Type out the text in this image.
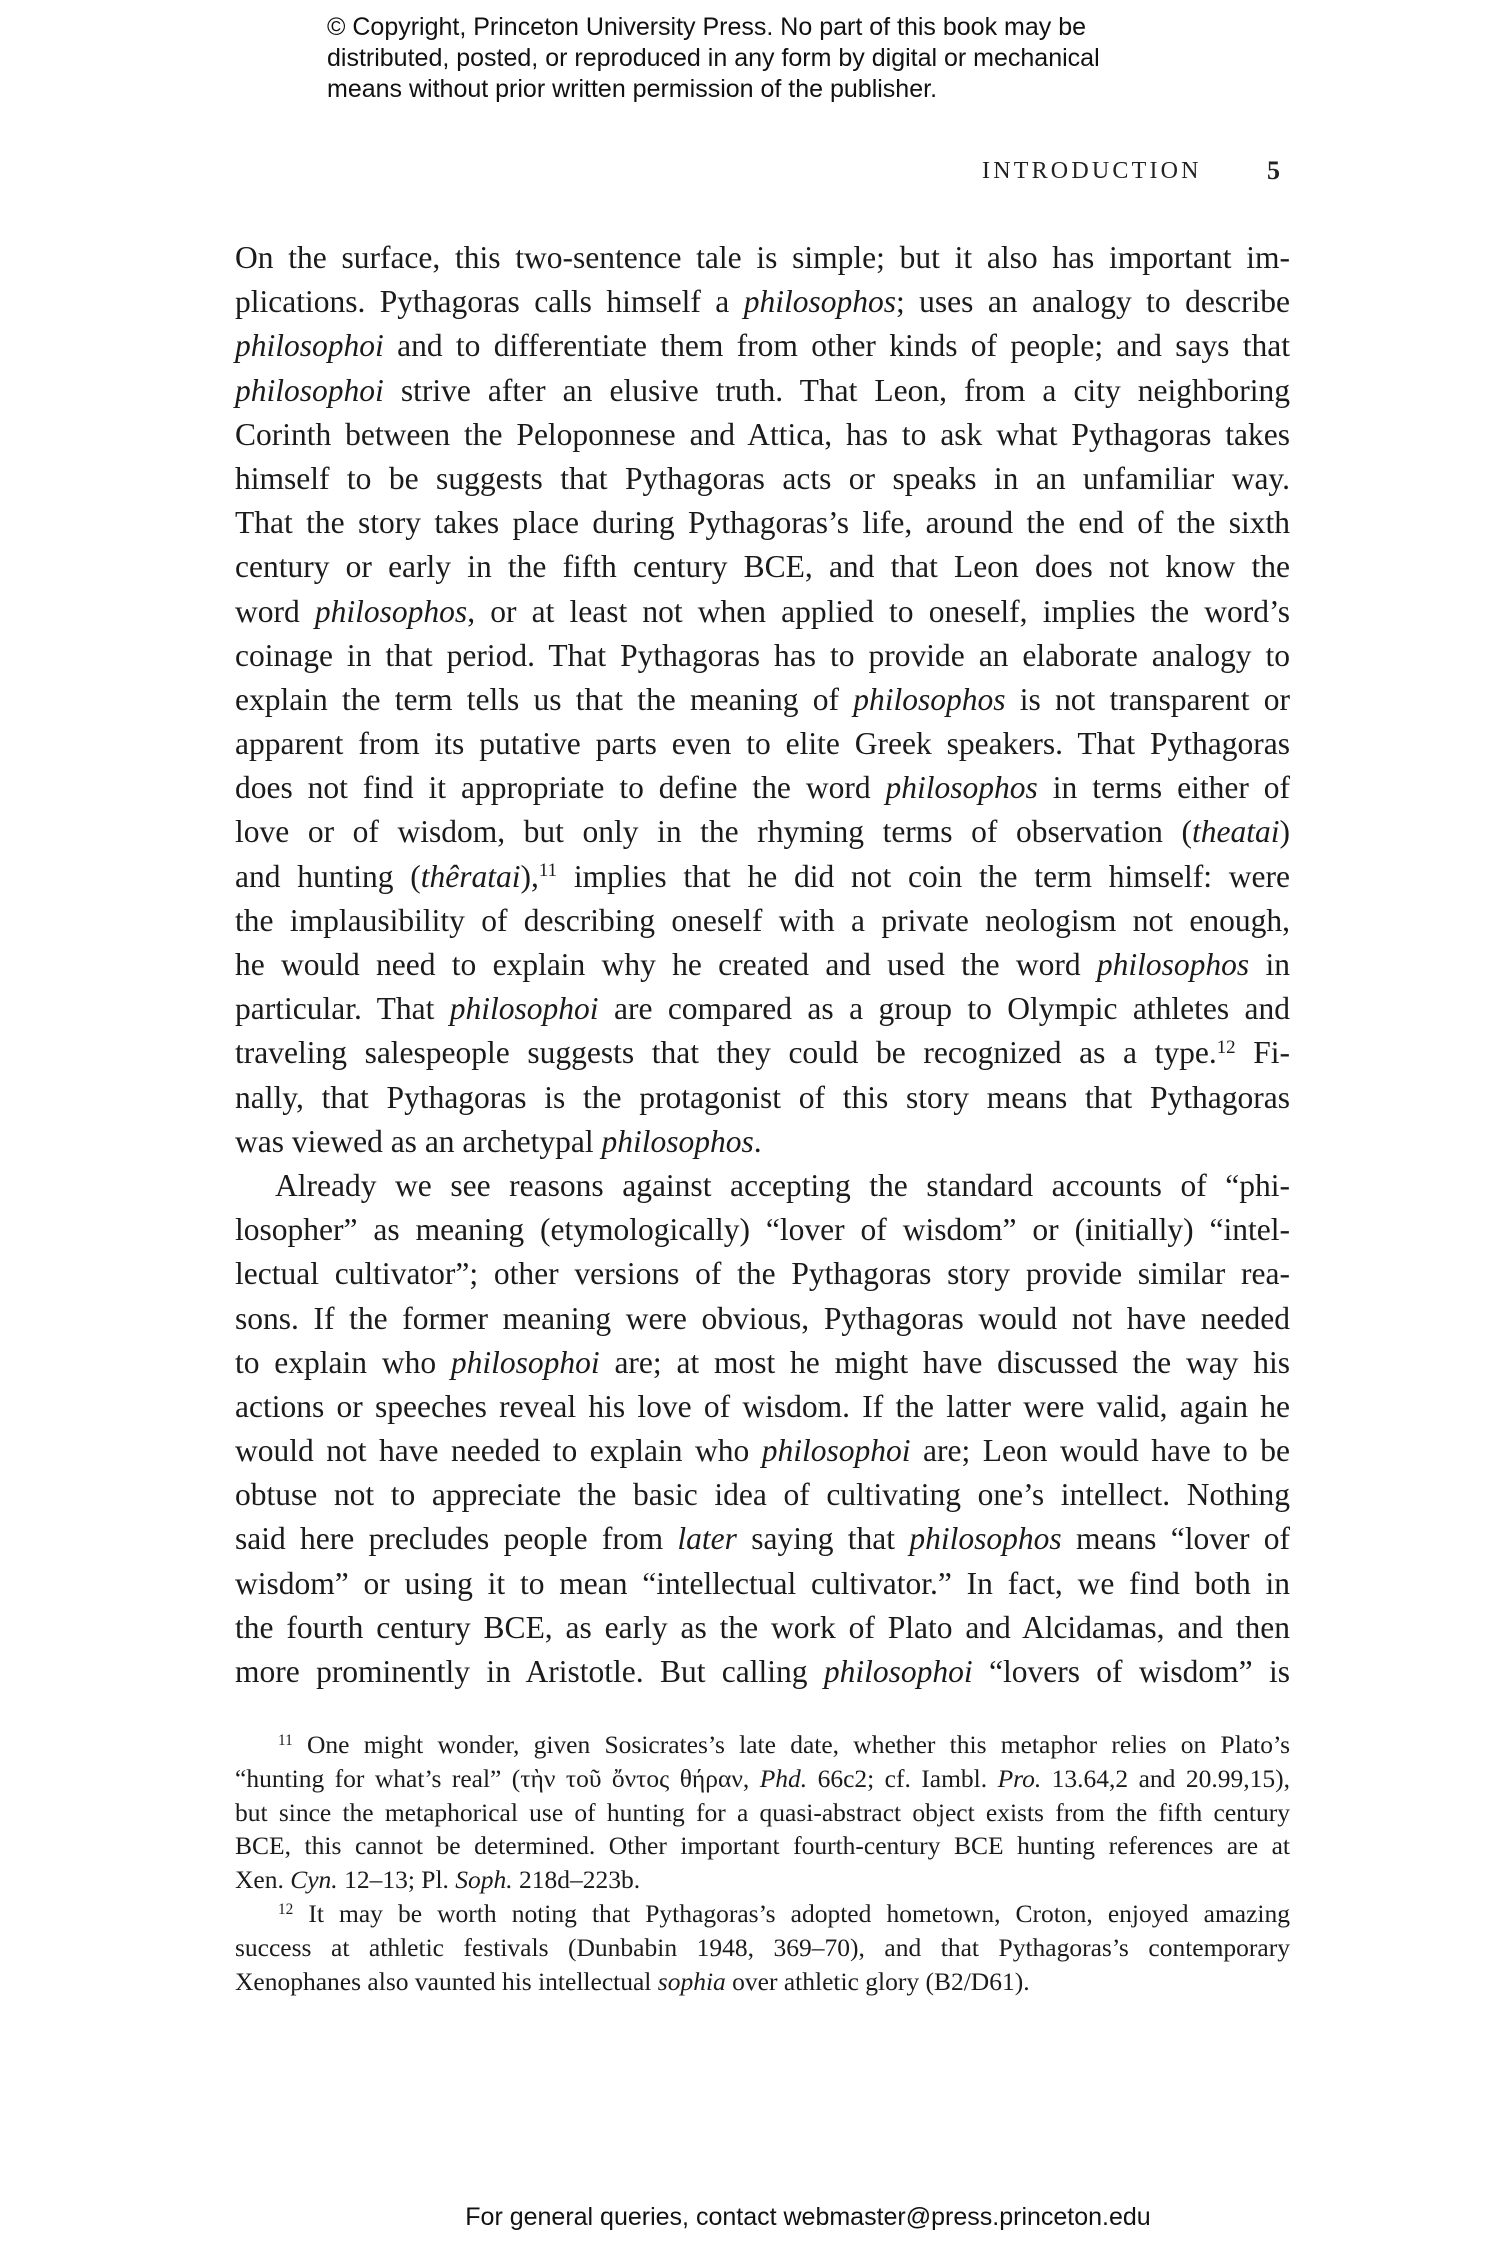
© Copyright, Princeton University Press. No part of this book may be
distributed, posted, or reproduced in any form by digital or mechanical
means without prior written permission of the publisher.
INTRODUCTION	5
On the surface, this two-sentence tale is simple; but it also has important im-
plications. Pythagoras calls himself a philosophos; uses an analogy to describe
philosophoi and to differentiate them from other kinds of people; and says that
philosophoi strive after an elusive truth. That Leon, from a city neighboring
Corinth between the Peloponnese and Attica, has to ask what Pythagoras takes
himself to be suggests that Pythagoras acts or speaks in an unfamiliar way.
That the story takes place during Pythagoras’s life, around the end of the sixth
century or early in the fifth century BCE, and that Leon does not know the
word philosophos, or at least not when applied to oneself, implies the word’s
coinage in that period. That Pythagoras has to provide an elaborate analogy to
explain the term tells us that the meaning of philosophos is not transparent or
apparent from its putative parts even to elite Greek speakers. That Pythagoras
does not find it appropriate to define the word philosophos in terms either of
love or of wisdom, but only in the rhyming terms of observation (theatai)
and hunting (thêratai),$^{11}$ implies that he did not coin the term himself: were
the implausibility of describing oneself with a private neologism not enough,
he would need to explain why he created and used the word philosophos in
particular. That philosophoi are compared as a group to Olympic athletes and
traveling salespeople suggests that they could be recognized as a type.$^{12}$ Fi-
nally, that Pythagoras is the protagonist of this story means that Pythagoras
was viewed as an archetypal philosophos.
Already we see reasons against accepting the standard accounts of “phi-
losopher” as meaning (etymologically) “lover of wisdom” or (initially) “intel-
lectual cultivator”; other versions of the Pythagoras story provide similar rea-
sons. If the former meaning were obvious, Pythagoras would not have needed
to explain who philosophoi are; at most he might have discussed the way his
actions or speeches reveal his love of wisdom. If the latter were valid, again he
would not have needed to explain who philosophoi are; Leon would have to be
obtuse not to appreciate the basic idea of cultivating one’s intellect. Nothing
said here precludes people from later saying that philosophos means “lover of
wisdom” or using it to mean “intellectual cultivator.” In fact, we find both in
the fourth century BCE, as early as the work of Plato and Alcidamas, and then
more prominently in Aristotle. But calling philosophoi “lovers of wisdom” is
$^{11}$ One might wonder, given Sosicrates’s late date, whether this metaphor relies on Plato’s
“hunting for what’s real” (τὴν τοῦ ὄντος θήραν, Phd. 66c2; cf. Iambl. Pro. 13.64,2 and 20.99,15),
but since the metaphorical use of hunting for a quasi-abstract object exists from the fifth century
BCE, this cannot be determined. Other important fourth-century BCE hunting references are at
Xen. Cyn. 12–13; Pl. Soph. 218d–223b.
$^{12}$ It may be worth noting that Pythagoras’s adopted hometown, Croton, enjoyed amazing
success at athletic festivals (Dunbabin 1948, 369–70), and that Pythagoras’s contemporary
Xenophanes also vaunted his intellectual sophia over athletic glory (B2/D61).
For general queries, contact webmaster@press.princeton.edu
